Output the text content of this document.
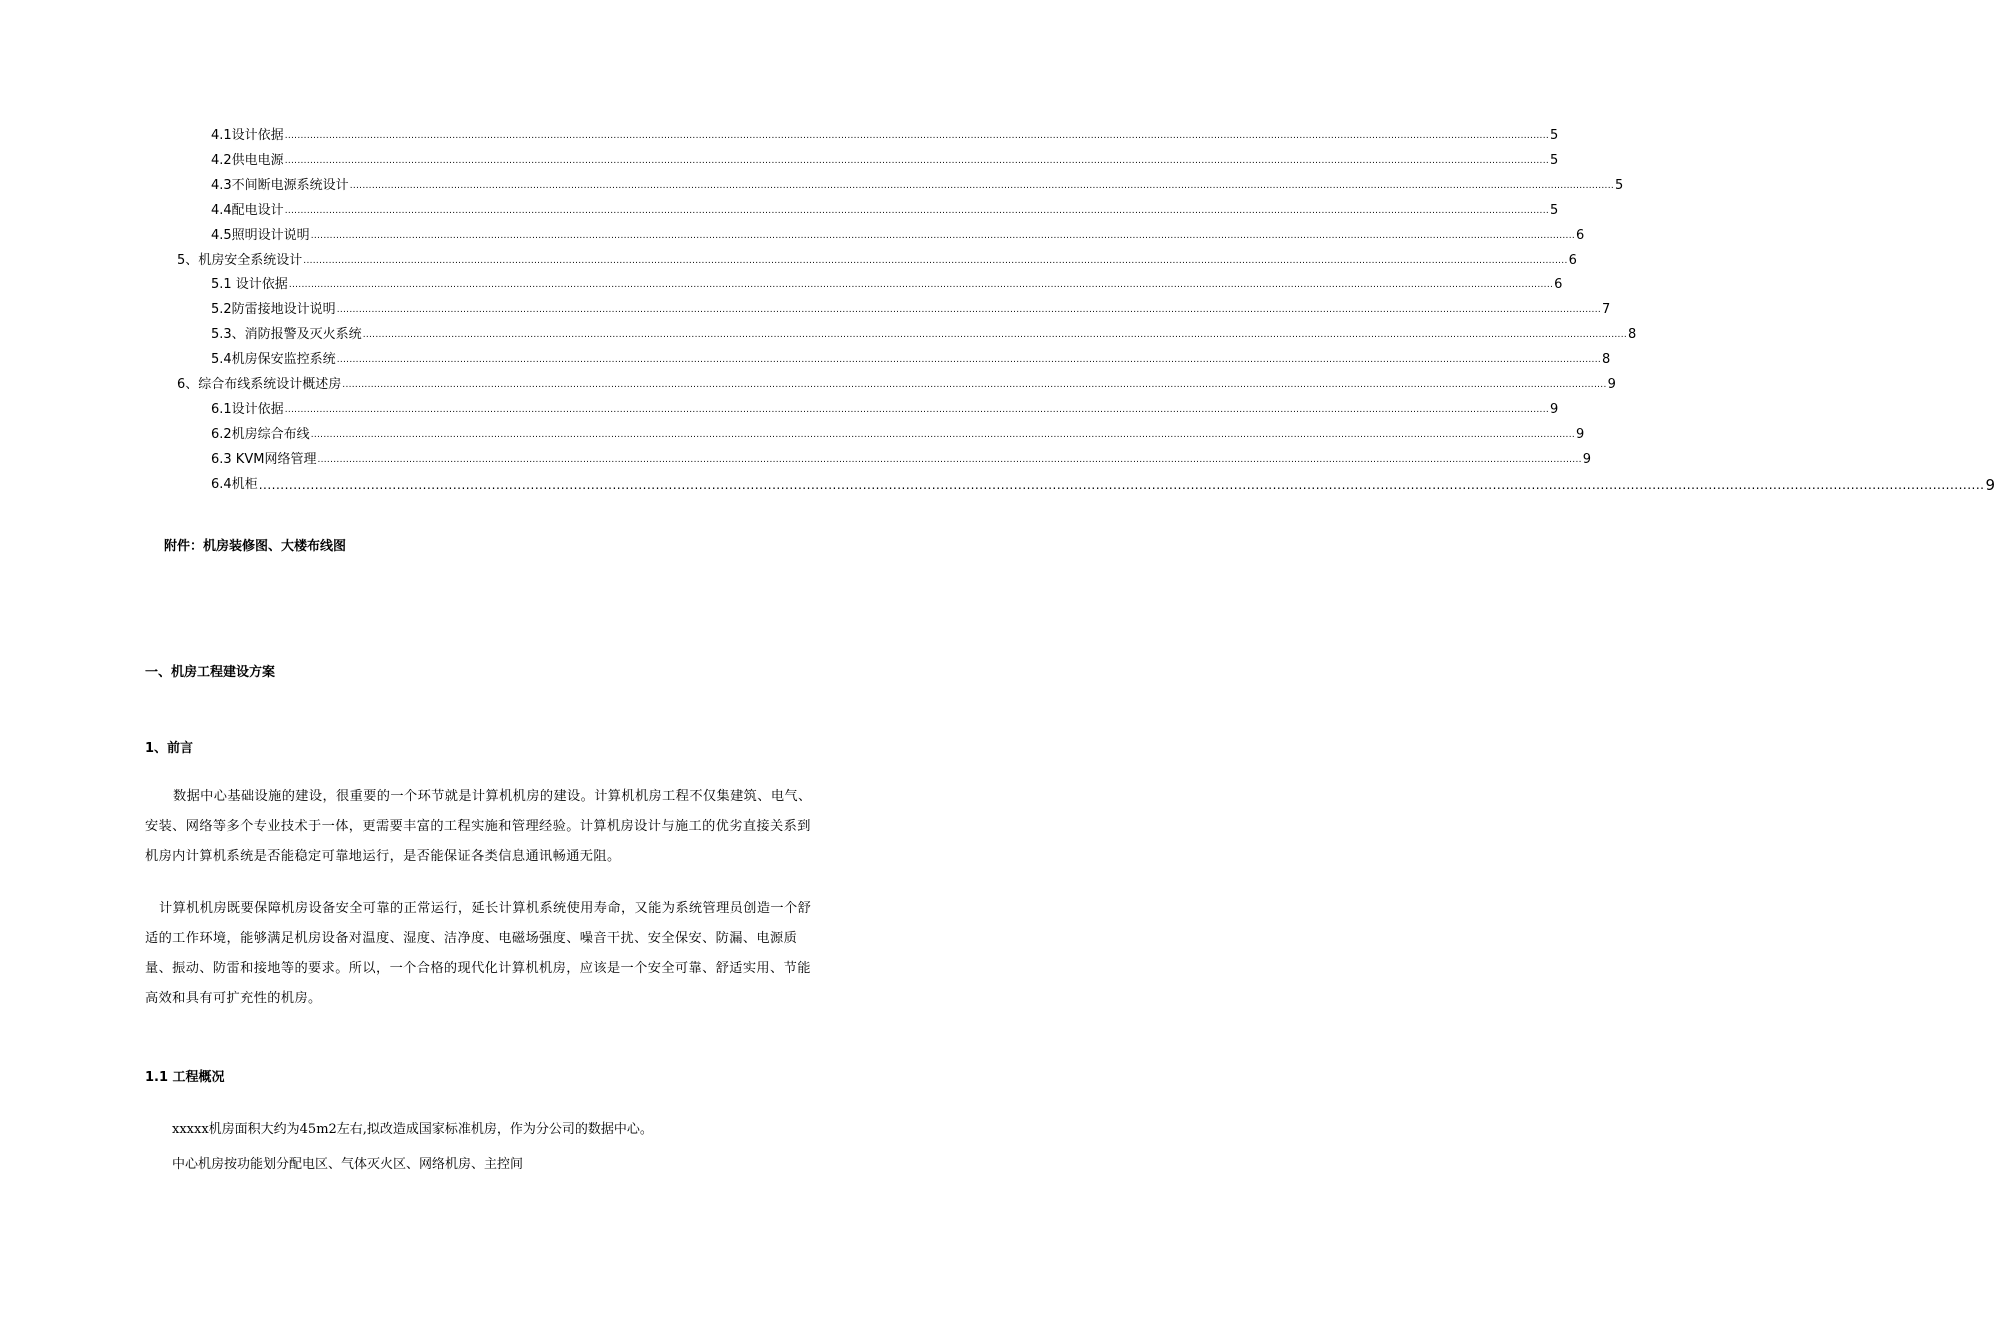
4.1设计依据 ................................................................................................................................................................................................................................................................................................................................................................................................................ 5
4.2供电电源 ................................................................................................................................................................................................................................................................................................................................................................................................................ 5
4.3不间断电源系统设计 ................................................................................................................................................................................................................................................................................................................................................................................................................ 5
4.4配电设计 ................................................................................................................................................................................................................................................................................................................................................................................................................ 5
4.5照明设计说明 ................................................................................................................................................................................................................................................................................................................................................................................................................ 6
5、机房安全系统设计 ................................................................................................................................................................................................................................................................................................................................................................................................................ 6
5.1 设计依据 ................................................................................................................................................................................................................................................................................................................................................................................................................ 6
5.2防雷接地设计说明 ................................................................................................................................................................................................................................................................................................................................................................................................................ 7
5.3、消防报警及灭火系统 ................................................................................................................................................................................................................................................................................................................................................................................................................ 8
5.4机房保安监控系统 ................................................................................................................................................................................................................................................................................................................................................................................................................ 8
6、综合布线系统设计概述房 ................................................................................................................................................................................................................................................................................................................................................................................................................ 9
6.1设计依据 ................................................................................................................................................................................................................................................................................................................................................................................................................ 9
6.2机房综合布线 ................................................................................................................................................................................................................................................................................................................................................................................................................ 9
6.3 KVM网络管理 ................................................................................................................................................................................................................................................................................................................................................................................................................ 9
6.4机柜 ................................................................................................................................................................................................................................................................................................................................................................................................................ 9
附件：机房装修图、大楼布线图
一、机房工程建设方案
1、前言
数据中心基础设施的建设，很重要的一个环节就是计算机机房的建设。计算机机房工程不仅集建筑、电气、安装、网络等多个专业技术于一体，更需要丰富的工程实施和管理经验。计算机房设计与施工的优劣直接关系到机房内计算机系统是否能稳定可靠地运行，是否能保证各类信息通讯畅通无阻。
计算机机房既要保障机房设备安全可靠的正常运行，延长计算机系统使用寿命，又能为系统管理员创造一个舒适的工作环境，能够满足机房设备对温度、湿度、洁净度、电磁场强度、噪音干扰、安全保安、防漏、电源质量、振动、防雷和接地等的要求。所以，一个合格的现代化计算机机房，应该是一个安全可靠、舒适实用、节能高效和具有可扩充性的机房。
1.1 工程概况
xxxxx机房面积大约为45m2左右,拟改造成国家标准机房，作为分公司的数据中心。
中心机房按功能划分配电区、气体灭火区、网络机房、主控间
